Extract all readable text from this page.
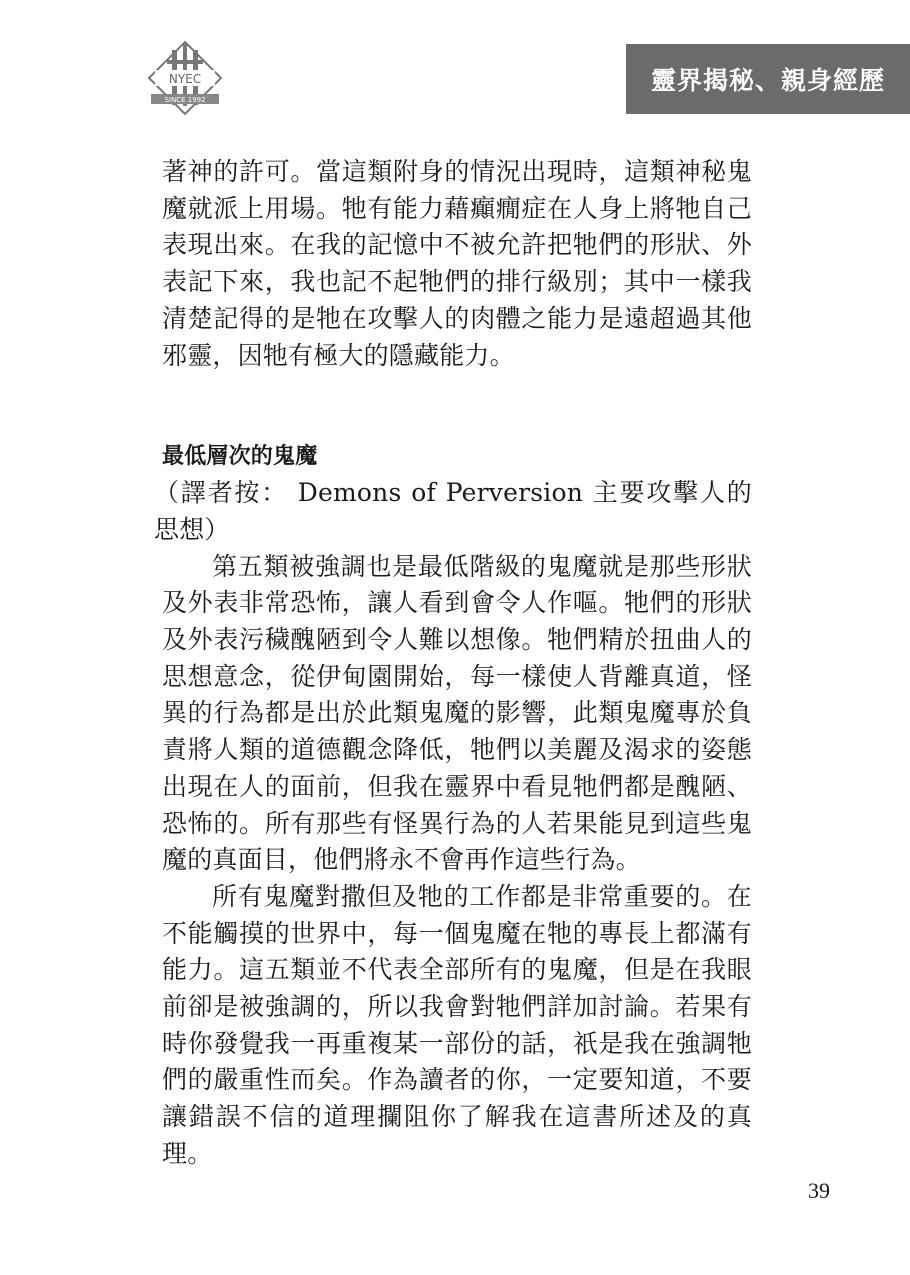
NYEC
SINCE 1992
靈界揭秘、親身經歷

著神的許可。當這類附身的情況出現時，這類神秘鬼魔就派上用場。牠有能力藉癲癇症在人身上將牠自己表現出來。在我的記憶中不被允許把牠們的形狀、外表記下來，我也記不起牠們的排行級別；其中一樣我清楚記得的是牠在攻擊人的肉體之能力是遠超過其他邪靈，因牠有極大的隱藏能力。

最低層次的鬼魔

（譯者按： Demons of Perversion 主要攻擊人的思想）

第五類被強調也是最低階級的鬼魔就是那些形狀及外表非常恐怖，讓人看到會令人作嘔。牠們的形狀及外表污穢醜陋到令人難以想像。牠們精於扭曲人的思想意念，從伊甸園開始，每一樣使人背離真道，怪異的行為都是出於此類鬼魔的影響，此類鬼魔專於負責將人類的道德觀念降低，牠們以美麗及渴求的姿態出現在人的面前，但我在靈界中看見牠們都是醜陋、恐怖的。所有那些有怪異行為的人若果能見到這些鬼魔的真面目，他們將永不會再作這些行為。

所有鬼魔對撒但及牠的工作都是非常重要的。在不能觸摸的世界中，每一個鬼魔在牠的專長上都滿有能力。這五類並不代表全部所有的鬼魔，但是在我眼前卻是被強調的，所以我會對牠們詳加討論。若果有時你發覺我一再重複某一部份的話，祇是我在強調牠們的嚴重性而矣。作為讀者的你，一定要知道，不要讓錯誤不信的道理攔阻你了解我在這書所述及的真理。

39
